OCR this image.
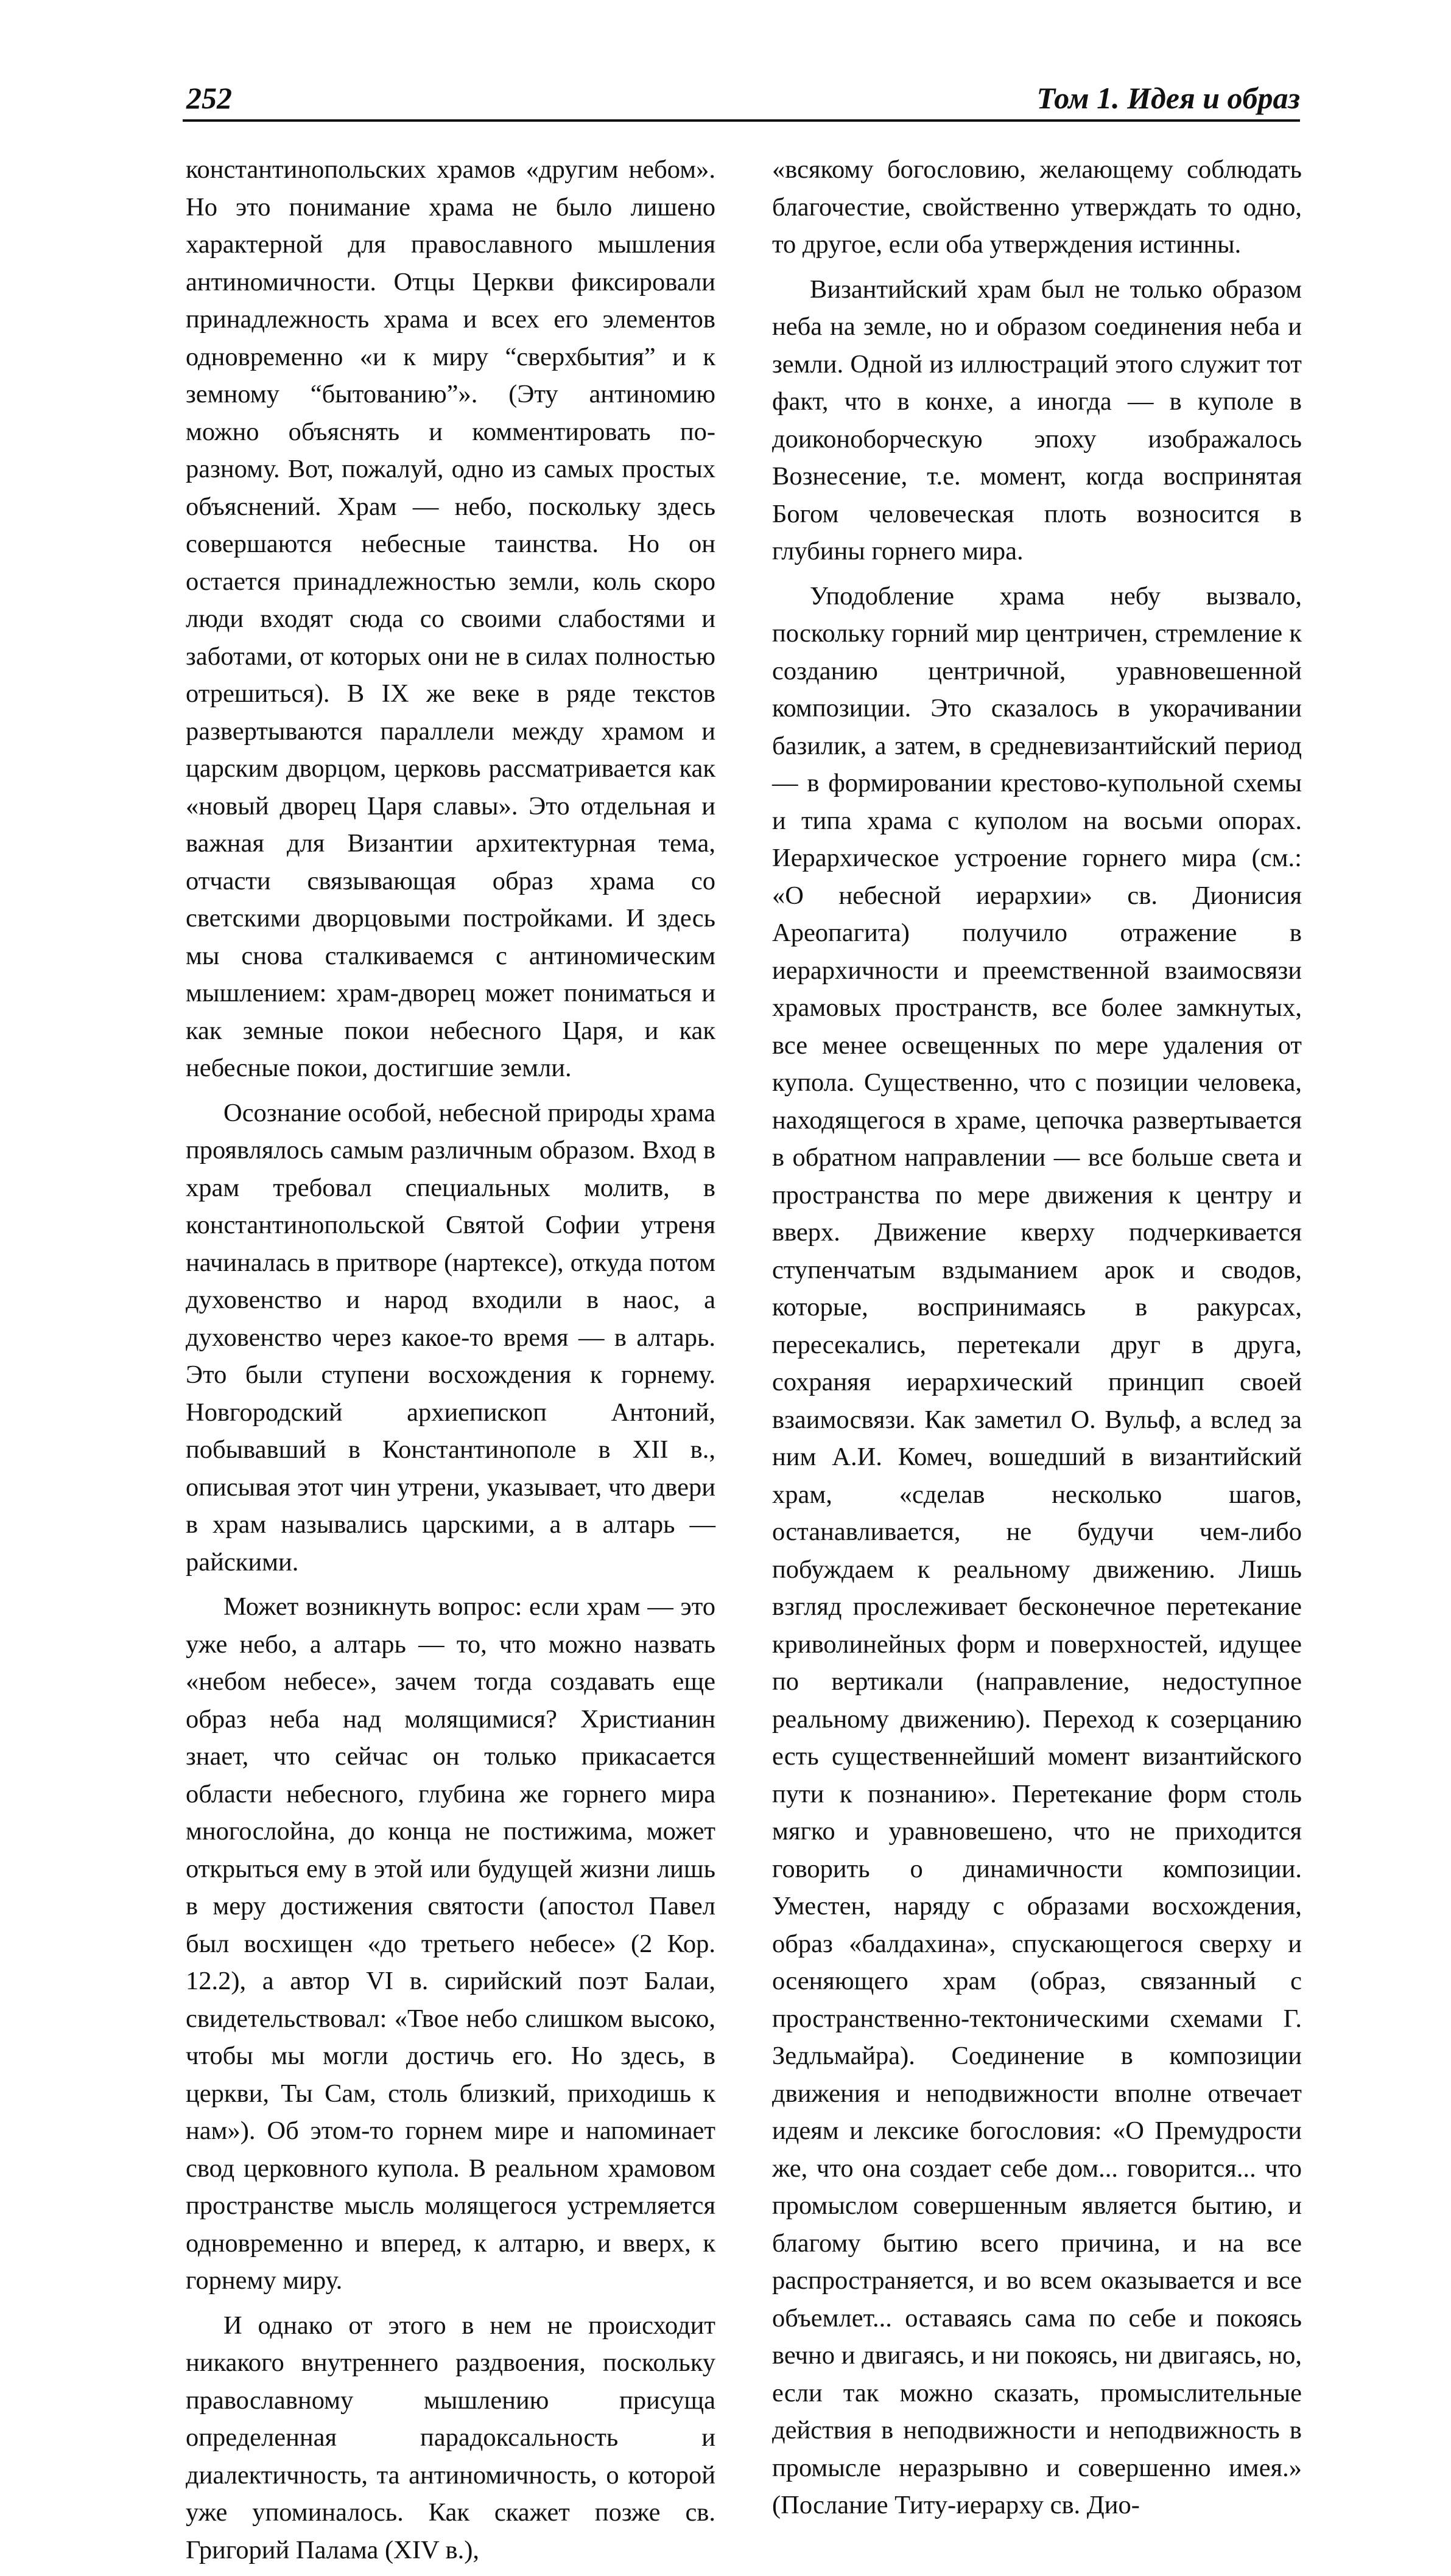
252	Том 1. Идея и образ

константинопольских храмов «другим небом». Но это понимание храма не было лишено характерной для православного мышления антиномичности. Отцы Церкви фиксировали принадлежность храма и всех его элементов одновременно «и к миру “сверхбытия” и к земному “бытованию”». (Эту антиномию можно объяснять и комментировать по-разному. Вот, пожалуй, одно из самых простых объяснений. Храм — небо, поскольку здесь совершаются небесные таинства. Но он остается принадлежностью земли, коль скоро люди входят сюда со своими слабостями и заботами, от которых они не в силах полностью отрешиться). В IX же веке в ряде текстов развертываются параллели между храмом и царским дворцом, церковь рассматривается как «новый дворец Царя славы». Это отдельная и важная для Византии архитектурная тема, отчасти связывающая образ храма со светскими дворцовыми постройками. И здесь мы снова сталкиваемся с антиномическим мышлением: храм-дворец может пониматься и как земные покои небесного Царя, и как небесные покои, достигшие земли.

Осознание особой, небесной природы храма проявлялось самым различным образом. Вход в храм требовал специальных молитв, в константинопольской Святой Софии утреня начиналась в притворе (нартексе), откуда потом духовенство и народ входили в наос, а духовенство через какое-то время — в алтарь. Это были ступени восхождения к горнему. Новгородский архиепископ Антоний, побывавший в Константинополе в XII в., описывая этот чин утрени, указывает, что двери в храм назывались царскими, а в алтарь — райскими.

Может возникнуть вопрос: если храм — это уже небо, а алтарь — то, что можно назвать «небом небесе», зачем тогда создавать еще образ неба над молящимися? Христианин знает, что сейчас он только прикасается области небесного, глубина же горнего мира многослойна, до конца не постижима, может открыться ему в этой или будущей жизни лишь в меру достижения святости (апостол Павел был восхищен «до третьего небесе» (2 Кор. 12.2), а автор VI в. сирийский поэт Балаи, свидетельствовал: «Твое небо слишком высоко, чтобы мы могли достичь его. Но здесь, в церкви, Ты Сам, столь близкий, приходишь к нам»). Об этом-то горнем мире и напоминает свод церковного купола. В реальном храмовом пространстве мысль молящегося устремляется одновременно и вперед, к алтарю, и вверх, к горнему миру.

И однако от этого в нем не происходит никакого внутреннего раздвоения, поскольку православному мышлению присуща определенная парадоксальность и диалектичность, та антиномичность, о которой уже упоминалось. Как скажет позже св. Григорий Палама (XIV в.),

«всякому богословию, желающему соблюдать благочестие, свойственно утверждать то одно, то другое, если оба утверждения истинны.

Византийский храм был не только образом неба на земле, но и образом соединения неба и земли. Одной из иллюстраций этого служит тот факт, что в конхе, а иногда — в куполе в доиконоборческую эпоху изображалось Вознесение, т.е. момент, когда воспринятая Богом человеческая плоть возносится в глубины горнего мира.

Уподобление храма небу вызвало, поскольку горний мир центричен, стремление к созданию центричной, уравновешенной композиции. Это сказалось в укорачивании базилик, а затем, в средневизантийский период — в формировании крестово-купольной схемы и типа храма с куполом на восьми опорах. Иерархическое устроение горнего мира (см.: «О небесной иерархии» св. Дионисия Ареопагита) получило отражение в иерархичности и преемственной взаимосвязи храмовых пространств, все более замкнутых, все менее освещенных по мере удаления от купола. Существенно, что с позиции человека, находящегося в храме, цепочка развертывается в обратном направлении — все больше света и пространства по мере движения к центру и вверх. Движение кверху подчеркивается ступенчатым вздыманием арок и сводов, которые, воспринимаясь в ракурсах, пересекались, перетекали друг в друга, сохраняя иерархический принцип своей взаимосвязи. Как заметил О. Вульф, а вслед за ним А.И. Комеч, вошедший в византийский храм, «сделав несколько шагов, останавливается, не будучи чем-либо побуждаем к реальному движению. Лишь взгляд прослеживает бесконечное перетекание криволинейных форм и поверхностей, идущее по вертикали (направление, недоступное реальному движению). Переход к созерцанию есть существеннейший момент византийского пути к познанию». Перетекание форм столь мягко и уравновешено, что не приходится говорить о динамичности композиции. Уместен, наряду с образами восхождения, образ «балдахина», спускающегося сверху и осеняющего храм (образ, связанный с пространственно-тектоническими схемами Г. Зедльмайра). Соединение в композиции движения и неподвижности вполне отвечает идеям и лексике богословия: «О Премудрости же, что она создает себе дом... говорится... что промыслом совершенным является бытию, и благому бытию всего причина, и на все распространяется, и во всем оказывается и все объемлет... оставаясь сама по себе и покоясь вечно и двигаясь, и ни покоясь, ни двигаясь, но, если так можно сказать, промыслительные действия в неподвижности и неподвижность в промысле неразрывно и совершенно имея.» (Послание Титу-иерарху св. Дио-
